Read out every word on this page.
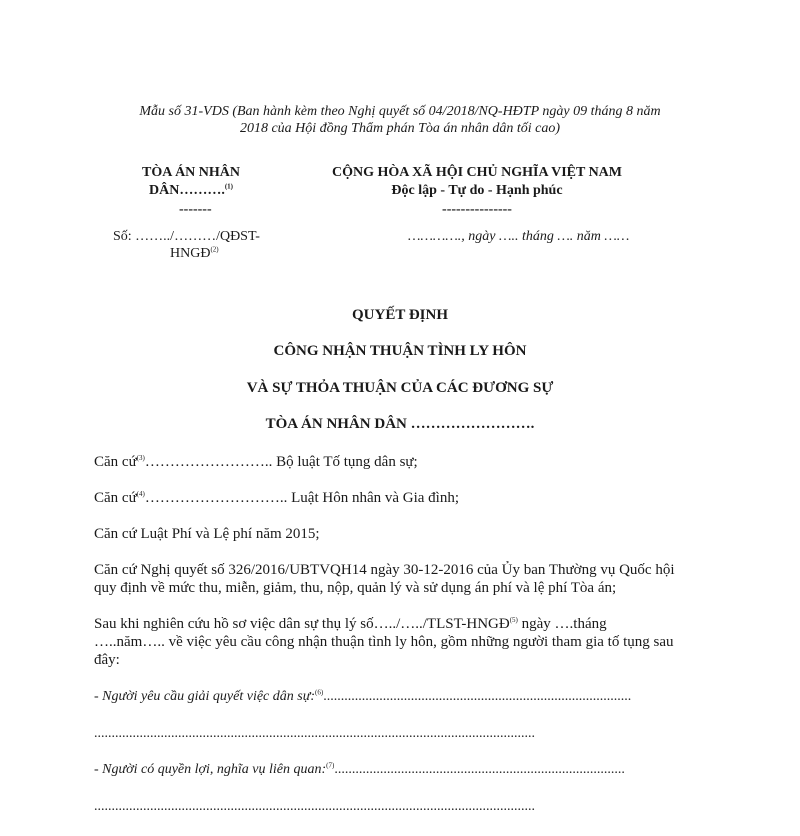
Mẫu số 31-VDS (Ban hành kèm theo Nghị quyết số 04/2018/NQ-HĐTP ngày 09 tháng 8 năm
2018 của Hội đồng Thẩm phán Tòa án nhân dân tối cao)
TÒA ÁN NHÂN
DÂN……….$^{(1)}$
-------
Số: ……../………/QĐST-
HNGĐ$^{(2)}$
CỘNG HÒA XÃ HỘI CHỦ NGHĨA VIỆT NAM
Độc lập - Tự do - Hạnh phúc
---------------
…………., ngày ….. tháng …. năm ……
QUYẾT ĐỊNH
CÔNG NHẬN THUẬN TÌNH LY HÔN
VÀ SỰ THỎA THUẬN CỦA CÁC ĐƯƠNG SỰ
TÒA ÁN NHÂN DÂN …………………….
Căn cứ$^{(3)}$…………………….. Bộ luật Tố tụng dân sự;
Căn cứ$^{(4)}$……………………….. Luật Hôn nhân và Gia đình;
Căn cứ Luật Phí và Lệ phí năm 2015;
Căn cứ Nghị quyết số 326/2016/UBTVQH14 ngày 30-12-2016 của Ủy ban Thường vụ Quốc hội
quy định về mức thu, miễn, giảm, thu, nộp, quản lý và sử dụng án phí và lệ phí Tòa án;
Sau khi nghiên cứu hồ sơ việc dân sự thụ lý số…../…../TLST-HNGĐ$^{(5)}$ ngày ….tháng
…..năm….. về việc yêu cầu công nhận thuận tình ly hôn, gồm những người tham gia tố tụng sau
đây:
- Người yêu cầu giải quyết việc dân sự:$^{(6)}$........................................................................................
..............................................................................................................................
- Người có quyền lợi, nghĩa vụ liên quan:$^{(7)}$...................................................................................
..............................................................................................................................
